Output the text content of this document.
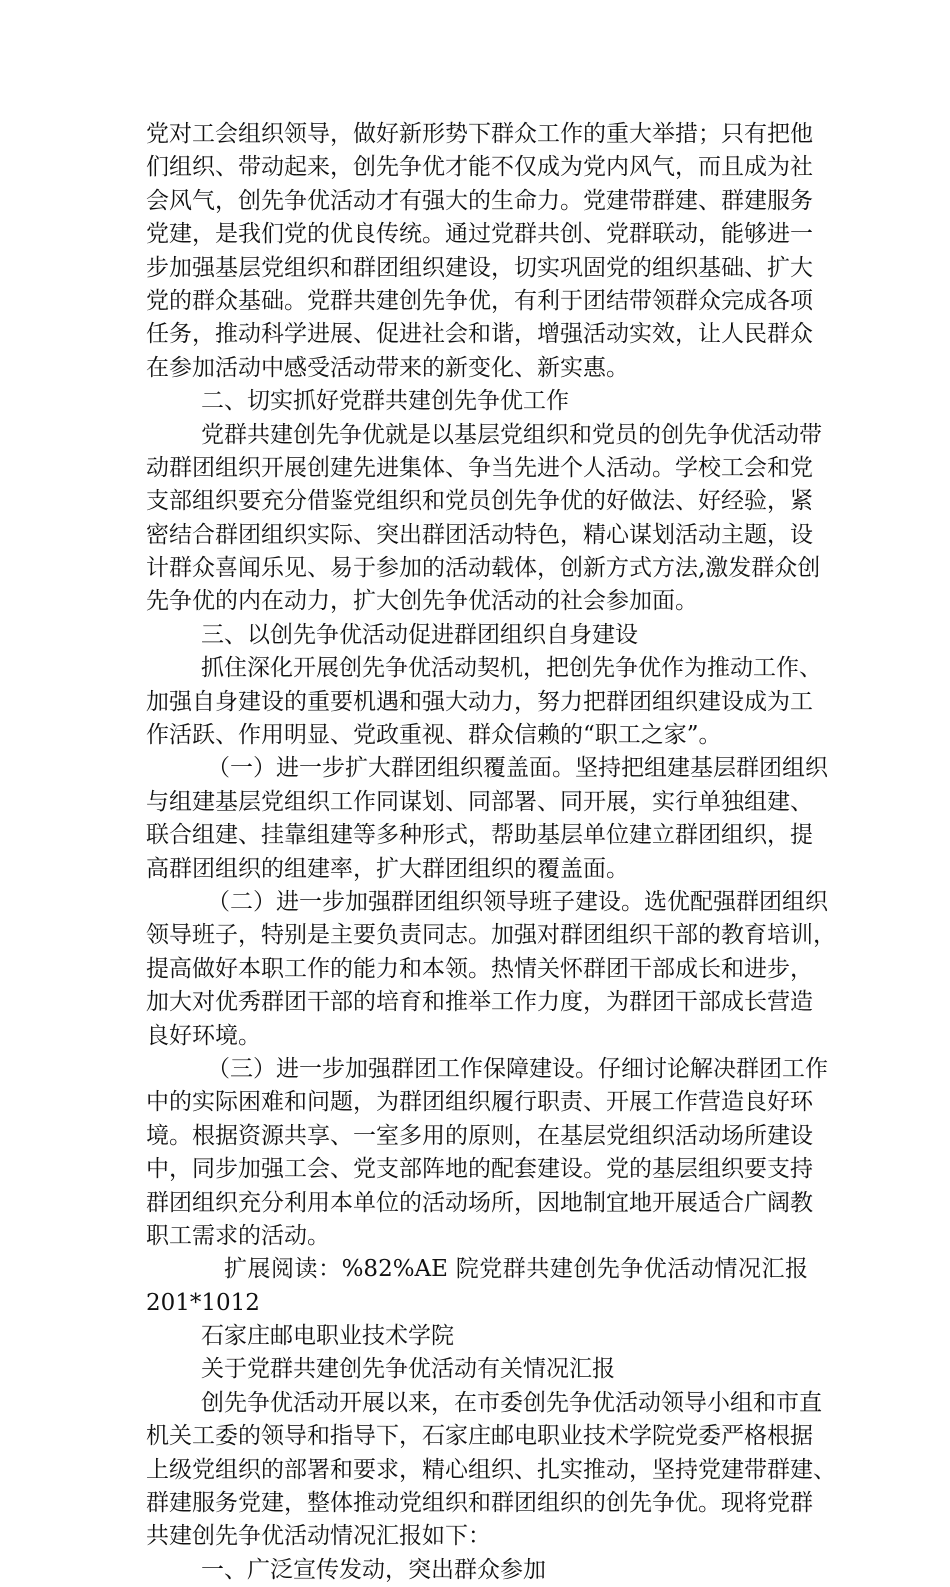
党对工会组织领导，做好新形势下群众工作的重大举措；只有把他
们组织、带动起来，创先争优才能不仅成为党内风气，而且成为社
会风气，创先争优活动才有强大的生命力。党建带群建、群建服务
党建，是我们党的优良传统。通过党群共创、党群联动，能够进一
步加强基层党组织和群团组织建设，切实巩固党的组织基础、扩大
党的群众基础。党群共建创先争优，有利于团结带领群众完成各项
任务，推动科学进展、促进社会和谐，增强活动实效，让人民群众
在参加活动中感受活动带来的新变化、新实惠。
二、切实抓好党群共建创先争优工作
党群共建创先争优就是以基层党组织和党员的创先争优活动带
动群团组织开展创建先进集体、争当先进个人活动。学校工会和党
支部组织要充分借鉴党组织和党员创先争优的好做法、好经验，紧
密结合群团组织实际、突出群团活动特色，精心谋划活动主题，设
计群众喜闻乐见、易于参加的活动载体，创新方式方法,激发群众创
先争优的内在动力，扩大创先争优活动的社会参加面。
三、以创先争优活动促进群团组织自身建设
抓住深化开展创先争优活动契机，把创先争优作为推动工作、
加强自身建设的重要机遇和强大动力，努力把群团组织建设成为工
作活跃、作用明显、党政重视、群众信赖的“职工之家”。
（一）进一步扩大群团组织覆盖面。坚持把组建基层群团组织
与组建基层党组织工作同谋划、同部署、同开展，实行单独组建、
联合组建、挂靠组建等多种形式，帮助基层单位建立群团组织，提
高群团组织的组建率，扩大群团组织的覆盖面。
（二）进一步加强群团组织领导班子建设。选优配强群团组织
领导班子，特别是主要负责同志。加强对群团组织干部的教育培训，
提高做好本职工作的能力和本领。热情关怀群团干部成长和进步，
加大对优秀群团干部的培育和推举工作力度，为群团干部成长营造
良好环境。
（三）进一步加强群团工作保障建设。仔细讨论解决群团工作
中的实际困难和问题，为群团组织履行职责、开展工作营造良好环
境。根据资源共享、一室多用的原则，在基层党组织活动场所建设
中，同步加强工会、党支部阵地的配套建设。党的基层组织要支持
群团组织充分利用本单位的活动场所，因地制宜地开展适合广阔教
职工需求的活动。
扩展阅读：%82%AE 院党群共建创先争优活动情况汇报
201*1012
石家庄邮电职业技术学院
关于党群共建创先争优活动有关情况汇报
创先争优活动开展以来，在市委创先争优活动领导小组和市直
机关工委的领导和指导下，石家庄邮电职业技术学院党委严格根据
上级党组织的部署和要求，精心组织、扎实推动，坚持党建带群建、
群建服务党建，整体推动党组织和群团组织的创先争优。现将党群
共建创先争优活动情况汇报如下：
一、广泛宣传发动，突出群众参加
